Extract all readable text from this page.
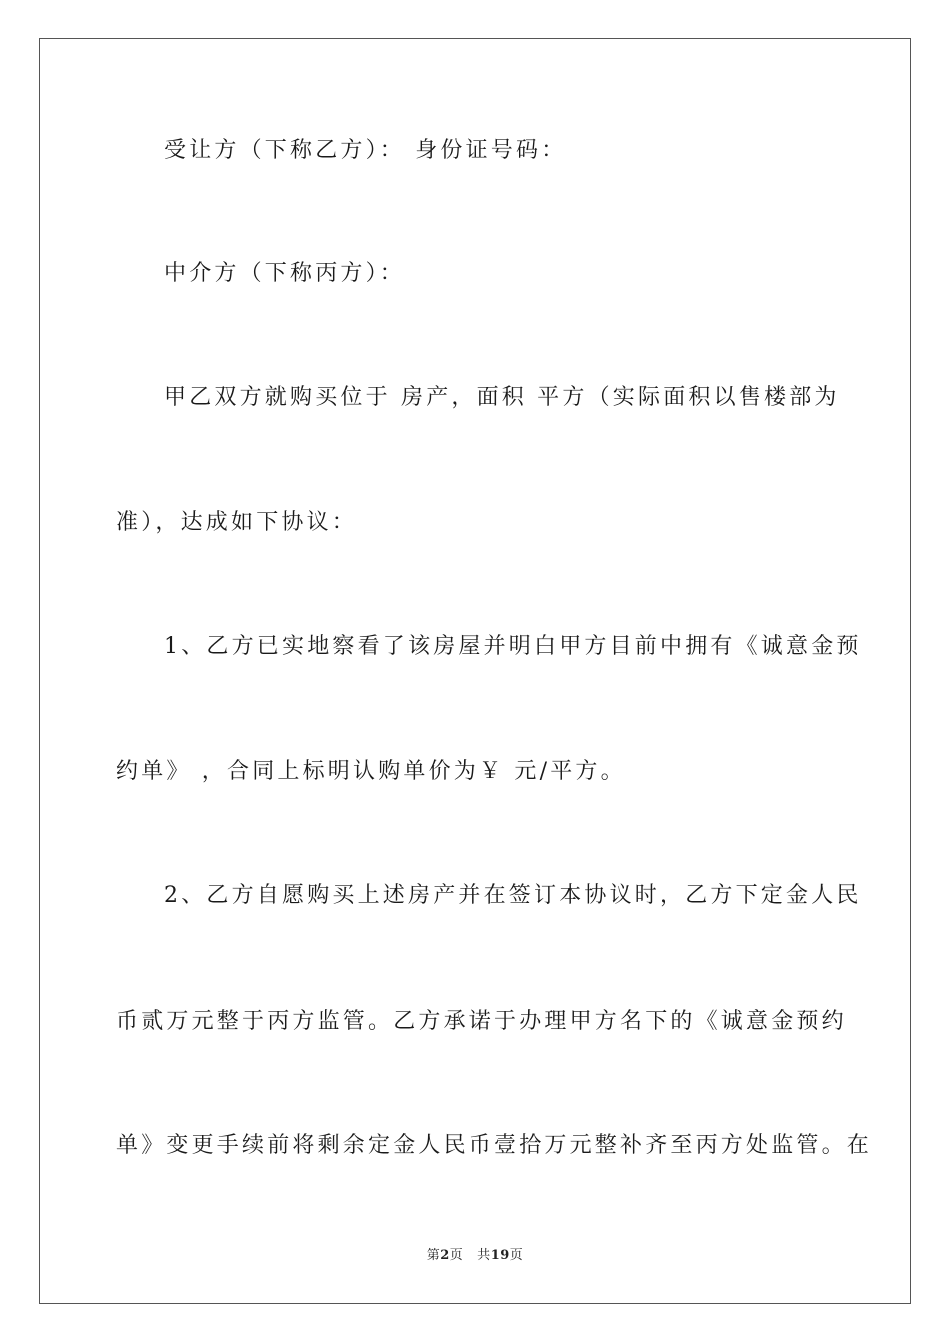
受让方（下称乙方）： 身份证号码：
中介方（下称丙方）：
甲乙双方就购买位于 房产，面积 平方（实际面积以售楼部为
准），达成如下协议：
1、乙方已实地察看了该房屋并明白甲方目前中拥有《诚意金预
约单》 ，合同上标明认购单价为￥ 元/平方。
2、乙方自愿购买上述房产并在签订本协议时，乙方下定金人民
币贰万元整于丙方监管。乙方承诺于办理甲方名下的《诚意金预约
单》变更手续前将剩余定金人民币壹拾万元整补齐至丙方处监管。在
第2页 共19页
